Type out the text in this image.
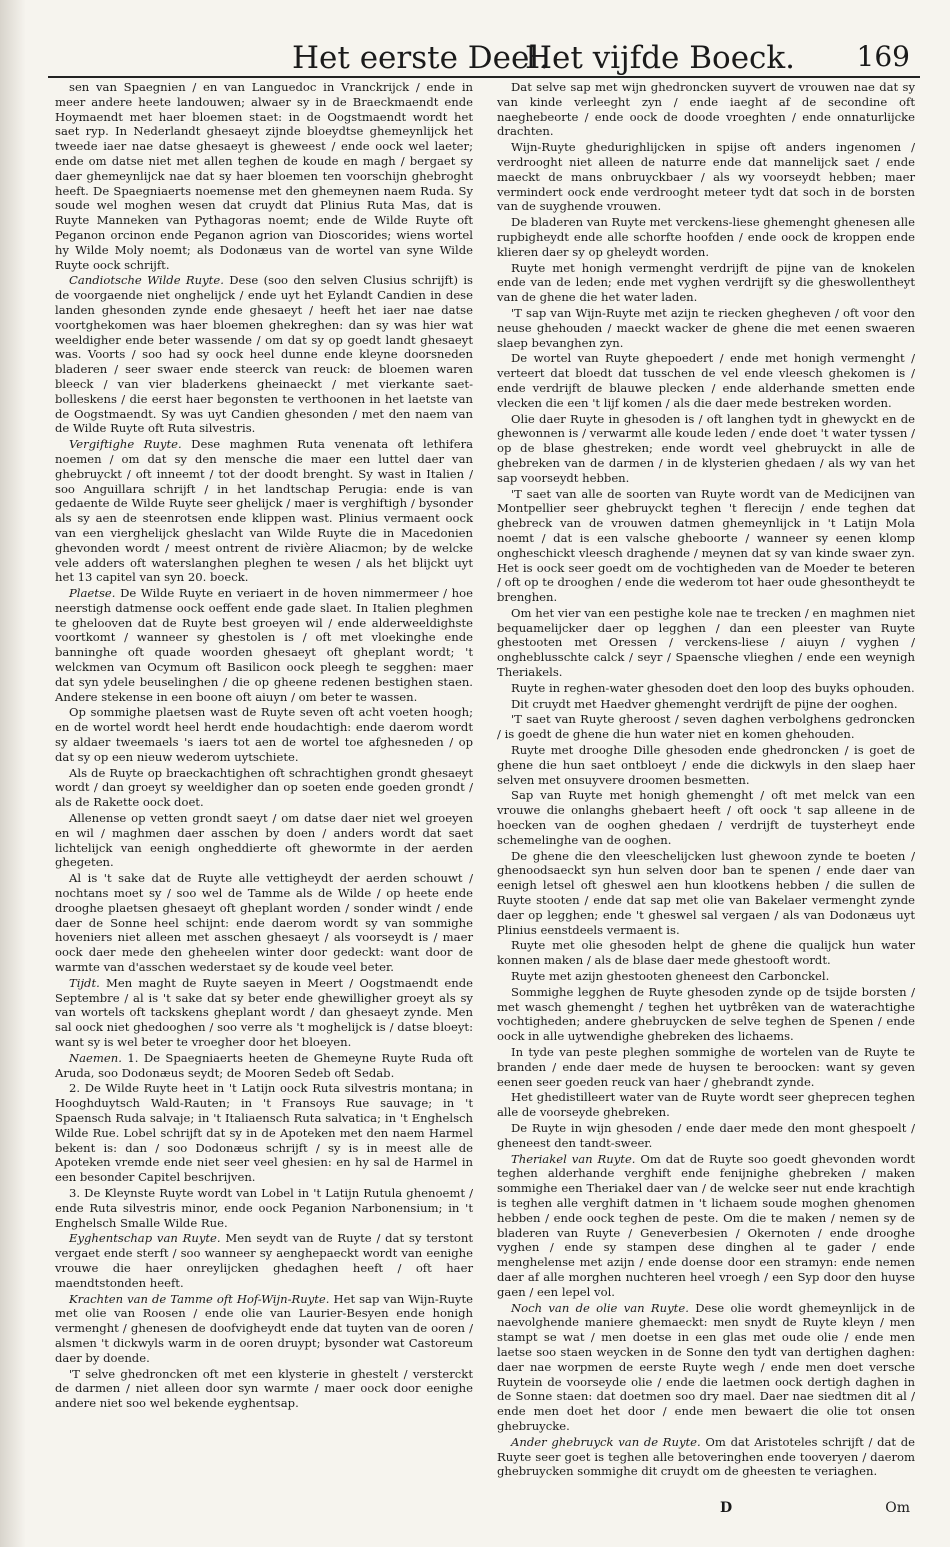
Het eerste Deel.
Het vijfde Boeck. 169

sen van Spaegnien / en van Languedoc in Vranckrijck / ende in meer andere heete landouwen; alwaer sy in de Braeckmaendt ende Hoymaendt met haer bloemen staet: in de Oogstmaendt wordt het saet ryp. In Nederlandt ghesaeyt zijnde bloeydtse ghemeynlijck het tweede iaer nae datse ghesaeyt is gheweest / ende oock wel laeter; ende om datse niet met allen teghen de koude en magh / bergaet sy daer ghemeynlijck nae dat sy haer bloemen ten voorschijn ghebroght heeft. De Spaegniaerts noemense met den ghemeynen naem Ruda. Sy soude wel moghen wesen dat cruydt dat Plinius Ruta Mas, dat is Ruyte Manneken van Pythagoras noemt; ende de Wilde Ruyte oft Peganon orcinon ende Peganon agrion van Dioscorides; wiens wortel hy Wilde Moly noemt; als Dodonæus van de wortel van syne Wilde Ruyte oock schrijft.

Candiotsche Wilde Ruyte. Dese (soo den selven Clusius schrijft) is de voorgaende niet onghelijck / ende uyt het Eylandt Candien in dese landen ghesonden zynde ende ghesaeyt / heeft het iaer nae datse voortghekomen was haer bloemen ghekreghen: dan sy was hier wat weeldigher ende beter wassende / om dat sy op goedt landt ghesaeyt was. Voorts / soo had sy oock heel dunne ende kleyne doorsneden bladeren / seer swaer ende steerck van reuck: de bloemen waren bleeck / van vier bladerkens gheinaeckt / met vierkante saet-bolleskens / die eerst haer begonsten te verthoonen in het laetste van de Oogstmaendt. Sy was uyt Candien ghesonden / met den naem van de Wilde Ruyte oft Ruta silvestris.

Vergiftighe Ruyte. Dese maghmen Ruta venenata oft lethifera noemen / om dat sy den mensche die maer een luttel daer van ghebruyckt / oft inneemt / tot der doodt brenght. Sy wast in Italien / soo Anguillara schrijft / in het landtschap Perugia: ende is van gedaente de Wilde Ruyte seer ghelijck / maer is verghiftigh / bysonder als sy aen de steenrotsen ende klippen wast. Plinius vermaent oock van een vierghelijck gheslacht van Wilde Ruyte die in Macedonien ghevonden wordt / meest ontrent de rivière Aliacmon; by de welcke vele adders oft waterslanghen pleghen te wesen / als het blijckt uyt het 13 capitel van syn 20. boeck.

Plaetse. De Wilde Ruyte en veriaert in de hoven nimmermeer / hoe neerstigh datmense oock oeffent ende gade slaet. In Italien pleghmen te ghelooven dat de Ruyte best groeyen wil / ende alderweeldighste voortkomt / wanneer sy ghestolen is / oft met vloekinghe ende banninghe oft quade woorden ghesaeyt oft gheplant wordt; 't welckmen van Ocymum oft Basilicon oock pleegh te segghen: maer dat syn ydele beuselinghen / die op gheene redenen bestighen staen. Andere stekense in een boone oft aiuyn / om beter te wassen.

Op sommighe plaetsen wast de Ruyte seven oft acht voeten hoogh; en de wortel wordt heel herdt ende houdachtigh: ende daerom wordt sy aldaer tweemaels 's iaers tot aen de wortel toe afghesneden / op dat sy op een nieuw wederom uytschiete.

Als de Ruyte op braeckachtighen oft schrachtighen grondt ghesaeyt wordt / dan groeyt sy weeldigher dan op soeten ende goeden grondt / als de Rakette oock doet.

Allenense op vetten grondt saeyt / om datse daer niet wel groeyen en wil / maghmen daer asschen by doen / anders wordt dat saet lichtelijck van eenigh ongheddierte oft ghewormte in der aerden ghegeten.

Al is 't sake dat de Ruyte alle vettigheydt der aerden schouwt / nochtans moet sy / soo wel de Tamme als de Wilde / op heete ende drooghe plaetsen ghesaeyt oft gheplant worden / sonder windt / ende daer de Sonne heel schijnt: ende daerom wordt sy van sommighe hoveniers niet alleen met asschen ghesaeyt / als voorseydt is / maer oock daer mede den gheheelen winter door gedeckt: want door de warmte van d'asschen wederstaet sy de koude veel beter.

Tijdt. Men maght de Ruyte saeyen in Meert / Oogstmaendt ende Septembre / al is 't sake dat sy beter ende ghewilligher groeyt als sy van wortels oft tackskens gheplant wordt / dan ghesaeyt zynde. Men sal oock niet ghedooghen / soo verre als 't moghelijck is / datse bloeyt: want sy is wel beter te vroegher door het bloeyen.

Naemen. 1. De Spaegniaerts heeten de Ghemeyne Ruyte Ruda oft Aruda, soo Dodonæus seydt; de Mooren Sedeb oft Sedab.

2. De Wilde Ruyte heet in 't Latijn oock Ruta silvestris montana; in Hooghduytsch Wald-Rauten; in 't Fransoys Rue sauvage; in 't Spaensch Ruda salvaje; in 't Italiaensch Ruta salvatica; in 't Enghelsch Wilde Rue. Lobel schrijft dat sy in de Apoteken met den naem Harmel bekent is: dan / soo Dodonæus schrijft / sy is in meest alle de Apoteken vremde ende niet seer veel ghesien: en hy sal de Harmel in een besonder Capitel beschrijven.

3. De Kleynste Ruyte wordt van Lobel in 't Latijn Rutula ghenoemt / ende Ruta silvestris minor, ende oock Peganion Narbonensium; in 't Enghelsch Smalle Wilde Rue.

Eyghentschap van Ruyte. Men seydt van de Ruyte / dat sy terstont vergaet ende sterft / soo wanneer sy aenghераeckt wordt van eenighe vrouwe die haer onreylijcken ghedaghen heeft / oft haer maendtstonden heeft.

Krachten van de Tamme oft Hof-Wijn-Ruyte. Het sap van Wijn-Ruyte met olie van Roosen / ende olie van Laurier-Besyen ende honigh vermenght / ghenesen de doofvigheydt ende dat tuyten van de ooren / alsmen 't dickwyls warm in de ooren druypt; bysonder wat Castoreum daer by doende.

'T selve ghedroncken oft met een klysterie in ghestelt / versterckt de darmen / niet alleen door syn warmte / maer oock door eenighe andere niet soo wel bekende eyghentsap.

Dat selve sap met wijn ghedroncken suyvert de vrouwen nae dat sy van kinde verleeght zyn / ende iaeght af de secondine oft naeghebeorte / ende oock de doode vroeghten / ende onnaturlijcke drachten.

Wijn-Ruyte ghedurighlijcken in spijse oft anders ingenomen / verdrooght niet alleen de naturre ende dat mannelijck saet / ende maeckt de mans onbruyckbaer / als wy voorseydt hebben; maer vermindert oock ende verdrooght meteer tydt dat soch in de borsten van de suyghende vrouwen.

De bladeren van Ruyte met verckens-liese ghemenght ghenesen alle rupbigheydt ende alle schorftе hoofden / ende oock de kroppen ende klieren daer sy op gheleydt worden.

Ruyte met honigh vermenght verdrijft de pijne van de knokelen ende van de leden; ende met vyghen verdrijft sy die ghеswollentheyt van de ghene die het water laden.

'T sap van Wijn-Ruyte met azijn te riecken ghegheven / oft voor den neuse ghehouden / maeckt wacker de ghene die met eenen swaeren slaep bevanghen zyn.

De wortel van Ruyte ghepoedert / ende met honigh vermenght / verteert dat bloedt dat tusschen de vel ende vleesch ghekomen is / ende verdrijft de blauwe plecken / ende alderhande smetten ende vlecken die een 't lijf komen / als die daer mede bestreken worden.

Olie daer Ruyte in ghesoden is / oft langhen tydt in ghewyckt en de ghewonnen is / verwarmt alle koude leden / ende doet 't water tyssen / op de blase ghestreken; ende wordt veel ghebruyckt in alle de ghebreken van de darmen / in de klysterien ghedaen / als wy van het sap voorseydt hebben.

'T saet van alle de soorten van Ruyte wordt van de Medicijnen van Montpellier seer ghebruyckt teghen 't flerecijn / ende teghen dat ghebreck van de vrouwen datmen ghemeynlijck in 't Latijn Mola noemt / dat is een valsche gheboorte / wanneer sy eenen klomp ongheschickt vleesch draghende / meynen dat sy van kinde swaer zyn. Het is oock seer goedt om de vochtigheden van de Moeder te beteren / oft op te drooghen / ende die wederom tot haer oude ghesontheydt te brenghen.

Om het vier van een pestighe kole nae te trecken / en maghmen niet bequamelijcker daer op legghen / dan een pleester van Ruyte ghestooten met Oressen / verckens-liese / aiuyn / vyghen / ongheblusschte calck / seyr / Spaensche vlieghen / ende een weynigh Theriakels.

Ruyte in reghen-water ghesoden doet den loop des buyks ophouden.

Dit cruydt met Haedver ghemenght verdrijft de pijne der ooghen.

'T saet van Ruyte gheroost / seven daghen verbolghens gedroncken / is goedt de ghene die hun water niet en komen ghehouden.

Ruyte met drooghe Dille ghesoden ende ghedroncken / is goet de ghene die hun saet ontbloeyt / ende die dickwyls in den slaep haer selven met onsuyvere drоomen besmetten.

Sap van Ruyte met honigh ghemenght / oft met melck van een vrouwe die onlanghs ghebaert heeft / oft oock 't sap alleene in de hoecken van de ooghen ghedaen / verdrijft de tuysterheyt ende schemelinghe van de ooghen.

De ghene die den vleeschelijcken lust ghewoon zynde te boeten / ghenoodsaeckt syn hun selven door ban te spenen / ende daer van eenigh letsel oft gheswel aen hun klootkens hebben / die sullen de Ruyte stooten / ende dat sap met olie van Bakelaer vermenght zynde daer op legghen; ende 't gheswel sal vergaen / als van Dodonæus uyt Plinius eenstdeels vermaent is.

Ruyte met olie ghesoden helpt de ghene die qualijck hun water konnen maken / als de blase daer mede ghestooft wordt.

Ruyte met azijn ghestooten gheneest den Carbonckel.

Sommighe legghen de Ruyte ghesoden zynde op de tsijde borsten / met wasch ghemenght / teghen het uytbrêken van de waterachtighe vochtigheden; andere ghebruycken de selve teghen de Spenen / ende oock in alle uytwendighe ghebreken des lichaems.

In tyde van peste pleghen sommighe de wortelen van de Ruyte te branden / ende daer mede de huysen te beroocken: want sy geven eenen seer goeden reuck van haer / ghebrandt zynde.

Het ghedistilleert water van de Ruyte wordt seer gheprесen teghen alle de voorseyde ghebreken.

De Ruyte in wijn ghesoden / ende daer mede den mont ghespoelt / gheneest den tandt-sweer.

Theriakel van Ruyte. Om dat de Ruyte soo goedt ghevonden wordt teghen alderhande verghift ende fenijnighe ghebreken / maken sommighe een Theriakel daer van / de welcke seer nut ende krachtigh is teghen alle verghift datmen in 't lichaem soude moghen ghenomen hebben / ende oock teghen de peste. Om die te maken / nemen sy de bladeren van Ruyte / Geneverbesien / Okernoten / ende drooghe vyghen / ende sy stampen dese dinghen al te gader / ende menghelense met azijn / ende doense door een stramyn: ende nemen daer af alle morghen nuchteren heel vroegh / een Syp door den huyse gaen / een lepel vol.

Noch van de olie van Ruyte. Dese olie wordt ghemeynlijck in de naevolghende maniere ghemaeckt: men snydt de Ruyte kleyn / men stampt se wat / men doetse in een glas met oude olie / ende men laetse soo staen weycken in de Sonne den tydt van dertighen daghen: daer nae worpmen de eerste Ruyte wegh / ende men doet versche Ruytein de voorseyde olie / ende die laetmen oock dertigh daghen in de Sonne staen: dat doetmen soo dry mael. Daer nae siedtmen dit al / ende men doet het door / ende men bewaert die olie tot onsen ghebruycke.

Ander ghebruyck van de Ruyte. Om dat Aristoteles schrijft / dat de Ruyte seer goet is teghen alle betoveringhen ende tooveryen / daerom ghebruycken sommighe dit cruydt om de gheesten te veriaghen.

D	Om
